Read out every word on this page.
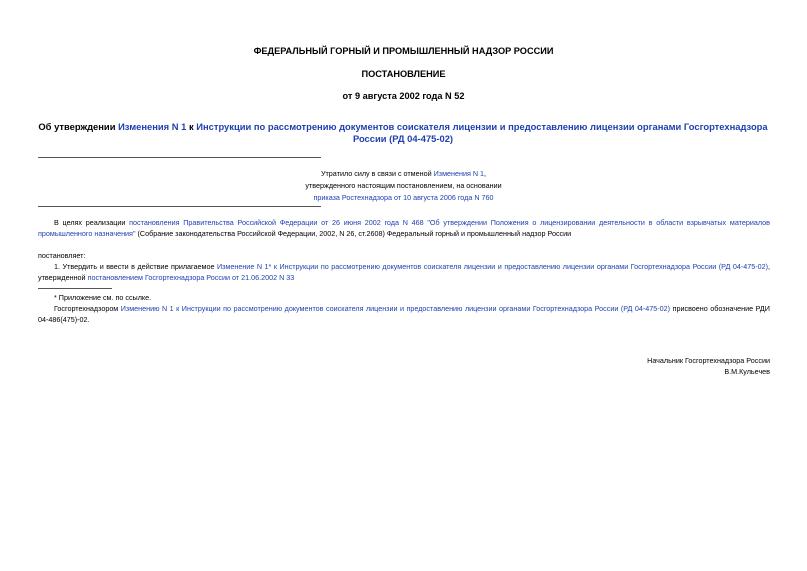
ФЕДЕРАЛЬНЫЙ ГОРНЫЙ И ПРОМЫШЛЕННЫЙ НАДЗОР РОССИИ
ПОСТАНОВЛЕНИЕ
от 9 августа 2002 года N 52
Об утверждении Изменения N 1 к Инструкции по рассмотрению документов соискателя лицензии и предоставлению лицензии органами Госгортехнадзора России (РД 04-475-02)
Утратило силу в связи с отменой Изменения N 1,
утвержденного настоящим постановлением, на основании
приказа Ростехнадзора от 10 августа 2006 года N 760
В целях реализации постановления Правительства Российской Федерации от 26 июня 2002 года N 468 "Об утверждении Положения о лицензировании деятельности в области взрывчатых материалов промышленного назначения" (Собрание законодательства Российской Федерации, 2002, N 26, ст.2608) Федеральный горный и промышленный надзор России
постановляет:
1. Утвердить и ввести в действие прилагаемое Изменение N 1* к Инструкции по рассмотрению документов соискателя лицензии и предоставлению лицензии органами Госгортехнадзора России (РД 04-475-02), утвержденной постановлением Госгортехнадзора России от 21.06.2002 N 33
* Приложение см. по ссылке.
Госгортехнадзором Изменению N 1 к Инструкции по рассмотрению документов соискателя лицензии и предоставлению лицензии органами Госгортехнадзора России (РД 04-475-02) присвоено обозначение РДИ 04-486(475)-02.
Начальник Госгортехнадзора России
В.М.Кульечев
